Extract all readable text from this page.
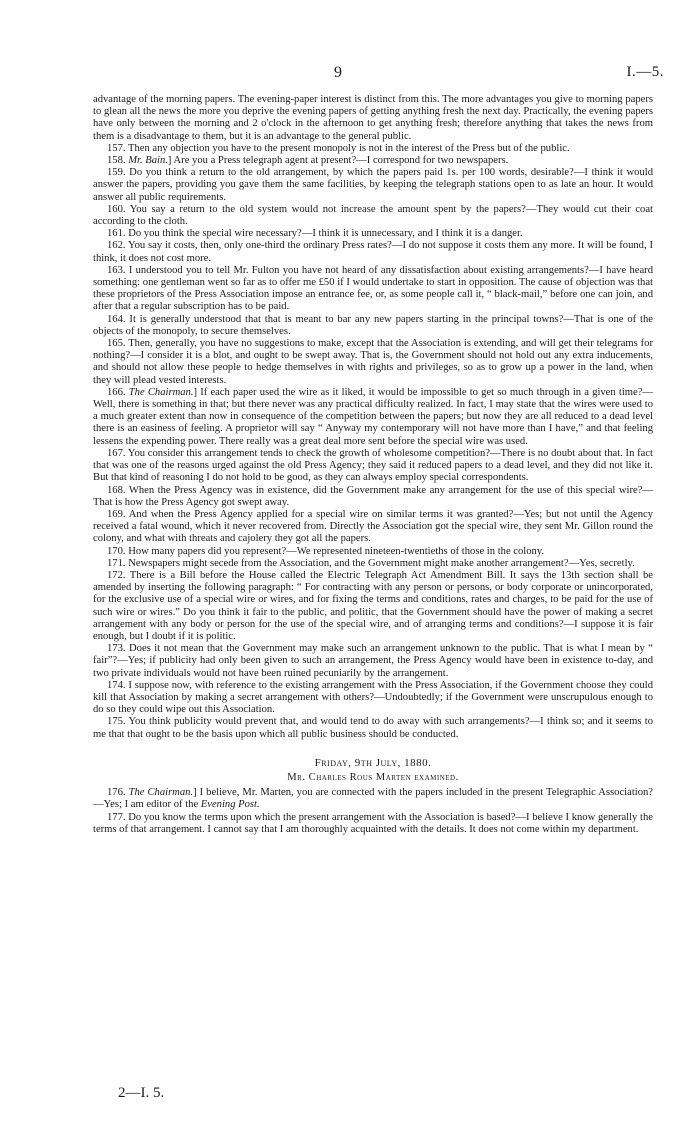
9	I.—5.

advantage of the morning papers. The evening-paper interest is distinct from this. The more advantages you give to morning papers to glean all the news the more you deprive the evening papers of getting anything fresh the next day. Practically, the evening papers have only between the morning and 2 o'clock in the afternoon to get anything fresh; therefore anything that takes the news from them is a disadvantage to them, but it is an advantage to the general public.

157. Then any objection you have to the present monopoly is not in the interest of the Press but of the public.

158. Mr. Bain.] Are you a Press telegraph agent at present?—I correspond for two newspapers.

159. Do you think a return to the old arrangement, by which the papers paid 1s. per 100 words, desirable?—I think it would answer the papers, providing you gave them the same facilities, by keeping the telegraph stations open to as late an hour. It would answer all public requirements.

160. You say a return to the old system would not increase the amount spent by the papers?—They would cut their coat according to the cloth.

161. Do you think the special wire necessary?—I think it is unnecessary, and I think it is a danger.

162. You say it costs, then, only one-third the ordinary Press rates?—I do not suppose it costs them any more. It will be found, I think, it does not cost more.

163. I understood you to tell Mr. Fulton you have not heard of any dissatisfaction about existing arrangements?—I have heard something: one gentleman went so far as to offer me £50 if I would undertake to start in opposition. The cause of objection was that these proprietors of the Press Association impose an entrance fee, or, as some people call it, “ black-mail,” before one can join, and after that a regular subscription has to be paid.

164. It is generally understood that that is meant to bar any new papers starting in the principal towns?—That is one of the objects of the monopoly, to secure themselves.

165. Then, generally, you have no suggestions to make, except that the Association is extending, and will get their telegrams for nothing?—I consider it is a blot, and ought to be swept away. That is, the Government should not hold out any extra inducements, and should not allow these people to hedge themselves in with rights and privileges, so as to grow up a power in the land, when they will plead vested interests.

166. The Chairman.] If each paper used the wire as it liked, it would be impossible to get so much through in a given time?—Well, there is something in that; but there never was any practical difficulty realized. In fact, I may state that the wires were used to a much greater extent than now in consequence of the competition between the papers; but now they are all reduced to a dead level there is an easiness of feeling. A proprietor will say “ Anyway my contemporary will not have more than I have,” and that feeling lessens the expending power. There really was a great deal more sent before the special wire was used.

167. You consider this arrangement tends to check the growth of wholesome competition?—There is no doubt about that. In fact that was one of the reasons urged against the old Press Agency; they said it reduced papers to a dead level, and they did not like it. But that kind of reasoning I do not hold to be good, as they can always employ special correspondents.

168. When the Press Agency was in existence, did the Government make any arrangement for the use of this special wire?—That is how the Press Agency got swept away.

169. And when the Press Agency applied for a special wire on similar terms it was granted?—Yes; but not until the Agency received a fatal wound, which it never recovered from. Directly the Association got the special wire, they sent Mr. Gillon round the colony, and what with threats and cajolery they got all the papers.

170. How many papers did you represent?—We represented nineteen-twentieths of those in the colony.

171. Newspapers might secede from the Association, and the Government might make another arrangement?—Yes, secretly.

172. There is a Bill before the House called the Electric Telegraph Act Amendment Bill. It says the 13th section shall be amended by inserting the following paragraph: “ For contracting with any person or persons, or body corporate or unincorporated, for the exclusive use of a special wire or wires, and for fixing the terms and conditions, rates and charges, to be paid for the use of such wire or wires.” Do you think it fair to the public, and politic, that the Government should have the power of making a secret arrangement with any body or person for the use of the special wire, and of arranging terms and conditions?—I suppose it is fair enough, but I doubt if it is politic.

173. Does it not mean that the Government may make such an arrangement unknown to the public. That is what I mean by “ fair”?—Yes; if publicity had only been given to such an arrangement, the Press Agency would have been in existence to-day, and two private individuals would not have been ruined pecuniarily by the arrangement.

174. I suppose now, with reference to the existing arrangement with the Press Association, if the Government choose they could kill that Association by making a secret arrangement with others?—Undoubtedly; if the Government were unscrupulous enough to do so they could wipe out this Association.

175. You think publicity would prevent that, and would tend to do away with such arrangements?—I think so; and it seems to me that that ought to be the basis upon which all public business should be conducted.

Friday, 9th July, 1880.

Mr. Charles Rous Marten examined.

176. The Chairman.] I believe, Mr. Marten, you are connected with the papers included in the present Telegraphic Association?—Yes; I am editor of the Evening Post.

177. Do you know the terms upon which the present arrangement with the Association is based?—I believe I know generally the terms of that arrangement. I cannot say that I am thoroughly acquainted with the details. It does not come within my department.

2—I. 5.
